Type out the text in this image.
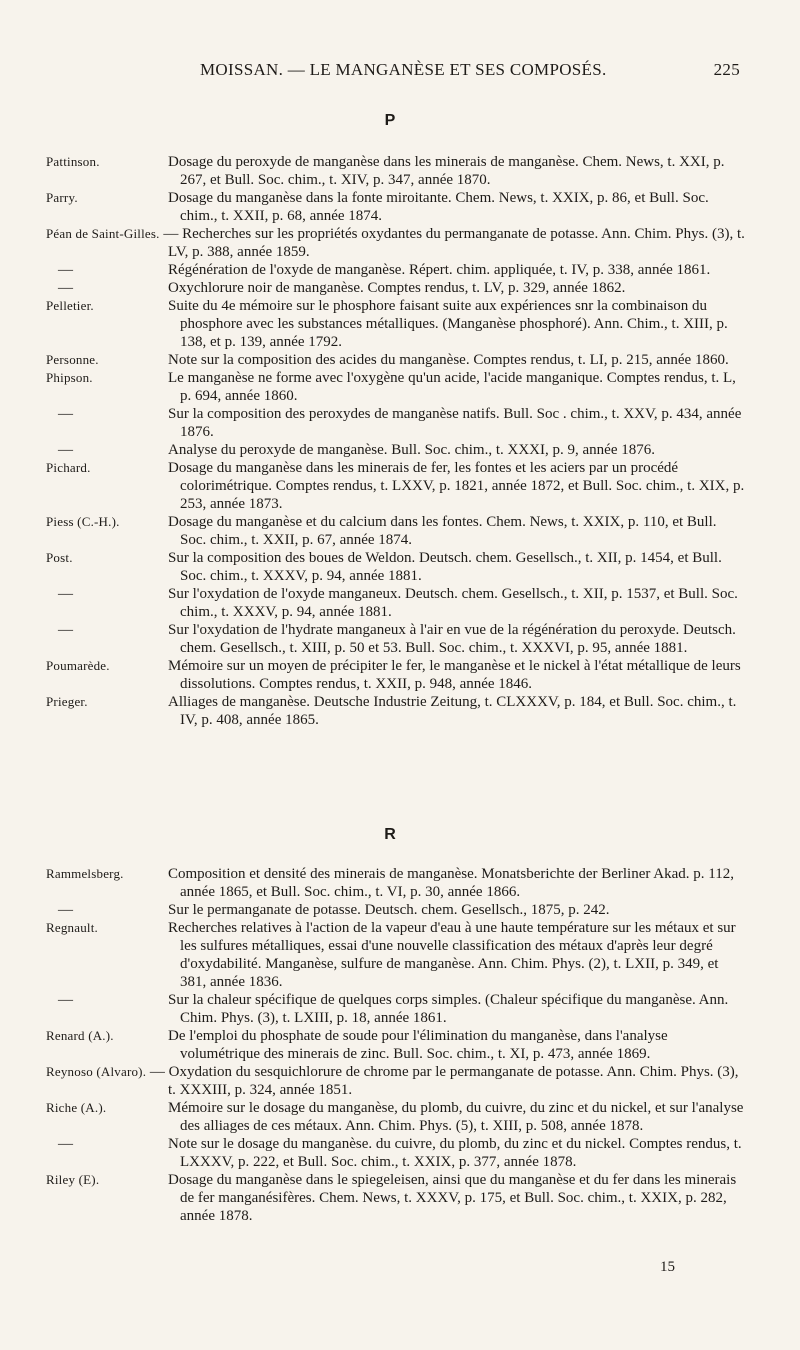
MOISSAN. — LE MANGANÈSE ET SES COMPOSÉS.	225
P
Pattinson.	Dosage du peroxyde de manganèse dans les minerais de manganèse. Chem. News, t. XXI, p. 267, et Bull. Soc. chim., t. XIV, p. 347, année 1870.
Parry.	Dosage du manganèse dans la fonte miroitante. Chem. News, t. XXIX, p. 86, et Bull. Soc. chim., t. XXII, p. 68, année 1874.
Péan de Saint-Gilles. — Recherches sur les propriétés oxydantes du permanganate de potasse. Ann. Chim. Phys. (3), t. LV, p. 388, année 1859.
—	Régénération de l'oxyde de manganèse. Répert. chim. appliquée, t. IV, p. 338, année 1861.
—	Oxychlorure noir de manganèse. Comptes rendus, t. LV, p. 329, année 1862.
Pelletier.	Suite du 4e mémoire sur le phosphore faisant suite aux expériences snr la combinaison du phosphore avec les substances métalliques. (Manganèse phosphoré). Ann. Chim., t. XIII, p. 138, et p. 139, année 1792.
Personne.	Note sur la composition des acides du manganèse. Comptes rendus, t. LI, p. 215, année 1860.
Phipson.	Le manganèse ne forme avec l'oxygène qu'un acide, l'acide manganique. Comptes rendus, t. L, p. 694, année 1860.
—	Sur la composition des peroxydes de manganèse natifs. Bull. Soc . chim., t. XXV, p. 434, année 1876.
—	Analyse du peroxyde de manganèse. Bull. Soc. chim., t. XXXI, p. 9, année 1876.
Pichard.	Dosage du manganèse dans les minerais de fer, les fontes et les aciers par un procédé colorimétrique. Comptes rendus, t. LXXV, p. 1821, année 1872, et Bull. Soc. chim., t. XIX, p. 253, année 1873.
Piess (C.-H.).	Dosage du manganèse et du calcium dans les fontes. Chem. News, t. XXIX, p. 110, et Bull. Soc. chim., t. XXII, p. 67, année 1874.
Post.	Sur la composition des boues de Weldon. Deutsch. chem. Gesellsch., t. XII, p. 1454, et Bull. Soc. chim., t. XXXV, p. 94, année 1881.
—	Sur l'oxydation de l'oxyde manganeux. Deutsch. chem. Gesellsch., t. XII, p. 1537, et Bull. Soc. chim., t. XXXV, p. 94, année 1881.
—	Sur l'oxydation de l'hydrate manganeux à l'air en vue de la régénération du peroxyde. Deutsch. chem. Gesellsch., t. XIII, p. 50 et 53. Bull. Soc. chim., t. XXXVI, p. 95, année 1881.
Poumarède.	Mémoire sur un moyen de précipiter le fer, le manganèse et le nickel à l'état métallique de leurs dissolutions. Comptes rendus, t. XXII, p. 948, année 1846.
Prieger.	Alliages de manganèse. Deutsche Industrie Zeitung, t. CLXXXV, p. 184, et Bull. Soc. chim., t. IV, p. 408, année 1865.
R
Rammelsberg.	Composition et densité des minerais de manganèse. Monatsberichte der Berliner Akad. p. 112, année 1865, et Bull. Soc. chim., t. VI, p. 30, année 1866.
—	Sur le permanganate de potasse. Deutsch. chem. Gesellsch., 1875, p. 242.
Regnault.	Recherches relatives à l'action de la vapeur d'eau à une haute température sur les métaux et sur les sulfures métalliques, essai d'une nouvelle classification des métaux d'après leur degré d'oxydabilité. Manganèse, sulfure de manganèse. Ann. Chim. Phys. (2), t. LXII, p. 349, et 381, année 1836.
—	Sur la chaleur spécifique de quelques corps simples. (Chaleur spécifique du manganèse. Ann. Chim. Phys. (3), t. LXIII, p. 18, année 1861.
Renard (A.).	De l'emploi du phosphate de soude pour l'élimination du manganèse, dans l'analyse volumétrique des minerais de zinc. Bull. Soc. chim., t. XI, p. 473, année 1869.
Reynoso (Alvaro). — Oxydation du sesquichlorure de chrome par le permanganate de potasse. Ann. Chim. Phys. (3), t. XXXIII, p. 324, année 1851.
Riche (A.).	Mémoire sur le dosage du manganèse, du plomb, du cuivre, du zinc et du nickel, et sur l'analyse des alliages de ces métaux. Ann. Chim. Phys. (5), t. XIII, p. 508, année 1878.
—	Note sur le dosage du manganèse. du cuivre, du plomb, du zinc et du nickel. Comptes rendus, t. LXXXV, p. 222, et Bull. Soc. chim., t. XXIX, p. 377, année 1878.
Riley (E).	Dosage du manganèse dans le spiegeleisen, ainsi que du manganèse et du fer dans les minerais de fer manganésifères. Chem. News, t. XXXV, p. 175, et Bull. Soc. chim., t. XXIX, p. 282, année 1878.
15
